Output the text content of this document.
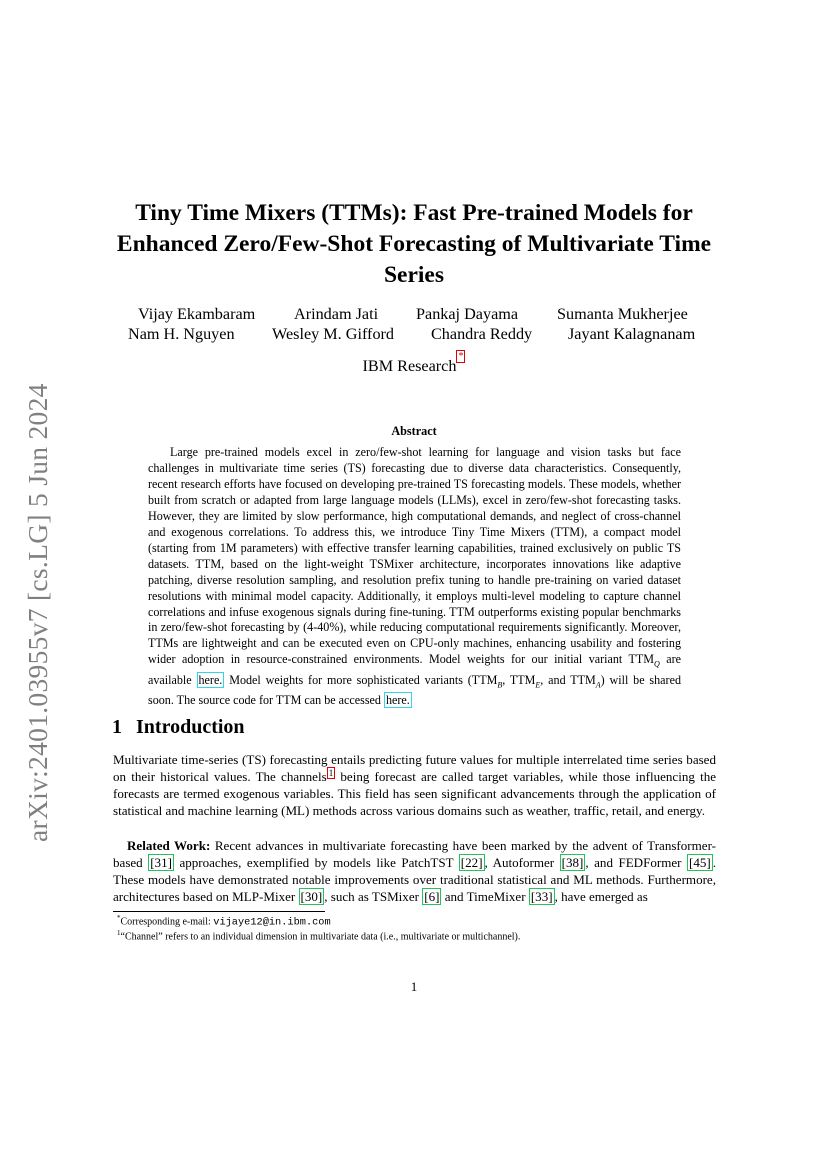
arXiv:2401.03955v7 [cs.LG] 5 Jun 2024
Tiny Time Mixers (TTMs): Fast Pre-trained Models for Enhanced Zero/Few-Shot Forecasting of Multivariate Time Series
Vijay Ekambaram Arindam Jati Pankaj Dayama Sumanta Mukherjee
Nam H. Nguyen Wesley M. Gifford Chandra Reddy Jayant Kalagnanam
IBM Research*
Abstract
Large pre-trained models excel in zero/few-shot learning for language and vision tasks but face challenges in multivariate time series (TS) forecasting due to diverse data characteristics. Consequently, recent research efforts have focused on developing pre-trained TS forecasting models. These models, whether built from scratch or adapted from large language models (LLMs), excel in zero/few-shot forecasting tasks. However, they are limited by slow performance, high computational demands, and neglect of cross-channel and exogenous correlations. To address this, we introduce Tiny Time Mixers (TTM), a compact model (starting from 1M parameters) with effective transfer learning capabilities, trained exclusively on public TS datasets. TTM, based on the light-weight TSMixer architecture, incorporates innovations like adaptive patching, diverse resolution sampling, and resolution prefix tuning to handle pre-training on varied dataset resolutions with minimal model capacity. Additionally, it employs multi-level modeling to capture channel correlations and infuse exogenous signals during fine-tuning. TTM outperforms existing popular benchmarks in zero/few-shot forecasting by (4-40%), while reducing computational requirements significantly. Moreover, TTMs are lightweight and can be executed even on CPU-only machines, enhancing usability and fostering wider adoption in resource-constrained environments. Model weights for our initial variant $TTM_Q$ are available here. Model weights for more sophisticated variants ($TTM_B$, $TTM_E$, and $TTM_A$) will be shared soon. The source code for TTM can be accessed here.
1 Introduction
Multivariate time-series (TS) forecasting entails predicting future values for multiple interrelated time series based on their historical values. The channels $^1$ being forecast are called target variables, while those influencing the forecasts are termed exogenous variables. This field has seen significant advancements through the application of statistical and machine learning (ML) methods across various domains such as weather, traffic, retail, and energy.
Related Work: Recent advances in multivariate forecasting have been marked by the advent of Transformer-based [31] approaches, exemplified by models like PatchTST [22] , Autoformer [38] , and FEDFormer [45] . These models have demonstrated notable improvements over traditional statistical and ML methods. Furthermore, architectures based on MLP-Mixer [30] , such as TSMixer [6] and TimeMixer [33] , have emerged as
*Corresponding e-mail: vijaye12@in.ibm.com
$^1$“Channel” refers to an individual dimension in multivariate data (i.e., multivariate or multichannel).
1
